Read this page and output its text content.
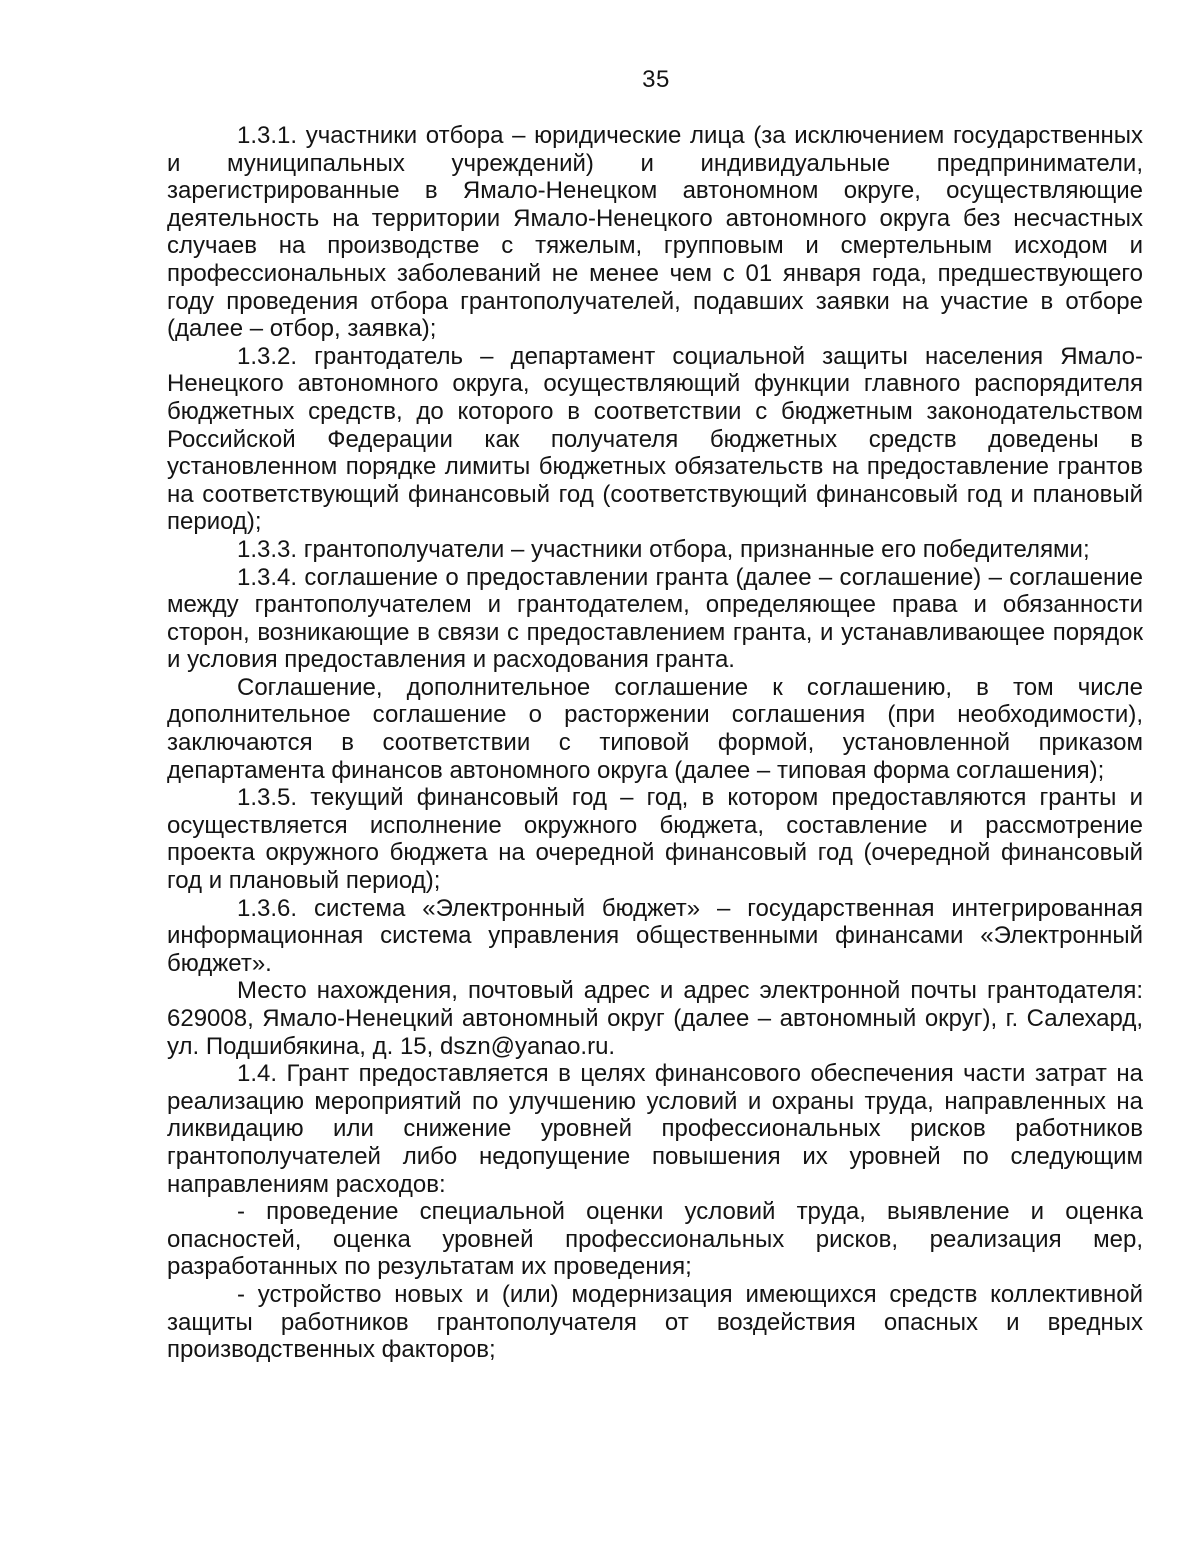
35

1.3.1. участники отбора – юридические лица (за исключением государственных и муниципальных учреждений) и индивидуальные предприниматели, зарегистрированные в Ямало-Ненецком автономном округе, осуществляющие деятельность на территории Ямало-Ненецкого автономного округа без несчастных случаев на производстве с тяжелым, групповым и смертельным исходом и профессиональных заболеваний не менее чем с 01 января года, предшествующего году проведения отбора грантополучателей, подавших заявки на участие в отборе (далее – отбор, заявка);

1.3.2. грантодатель – департамент социальной защиты населения Ямало-Ненецкого автономного округа, осуществляющий функции главного распорядителя бюджетных средств, до которого в соответствии с бюджетным законодательством Российской Федерации как получателя бюджетных средств доведены в установленном порядке лимиты бюджетных обязательств на предоставление грантов на соответствующий финансовый год (соответствующий финансовый год и плановый период);

1.3.3. грантополучатели – участники отбора, признанные его победителями;

1.3.4. соглашение о предоставлении гранта (далее – соглашение) – соглашение между грантополучателем и грантодателем, определяющее права и обязанности сторон, возникающие в связи с предоставлением гранта, и устанавливающее порядок и условия предоставления и расходования гранта.

Соглашение, дополнительное соглашение к соглашению, в том числе дополнительное соглашение о расторжении соглашения (при необходимости), заключаются в соответствии с типовой формой, установленной приказом департамента финансов автономного округа (далее – типовая форма соглашения);

1.3.5. текущий финансовый год – год, в котором предоставляются гранты и осуществляется исполнение окружного бюджета, составление и рассмотрение проекта окружного бюджета на очередной финансовый год (очередной финансовый год и плановый период);

1.3.6. система «Электронный бюджет» – государственная интегрированная информационная система управления общественными финансами «Электронный бюджет».

Место нахождения, почтовый адрес и адрес электронной почты грантодателя: 629008, Ямало-Ненецкий автономный округ (далее – автономный округ), г. Салехард, ул. Подшибякина, д. 15, dszn@yanao.ru.

1.4. Грант предоставляется в целях финансового обеспечения части затрат на реализацию мероприятий по улучшению условий и охраны труда, направленных на ликвидацию или снижение уровней профессиональных рисков работников грантополучателей либо недопущение повышения их уровней по следующим направлениям расходов:

- проведение специальной оценки условий труда, выявление и оценка опасностей, оценка уровней профессиональных рисков, реализация мер, разработанных по результатам их проведения;

- устройство новых и (или) модернизация имеющихся средств коллективной защиты работников грантополучателя от воздействия опасных и вредных производственных факторов;
